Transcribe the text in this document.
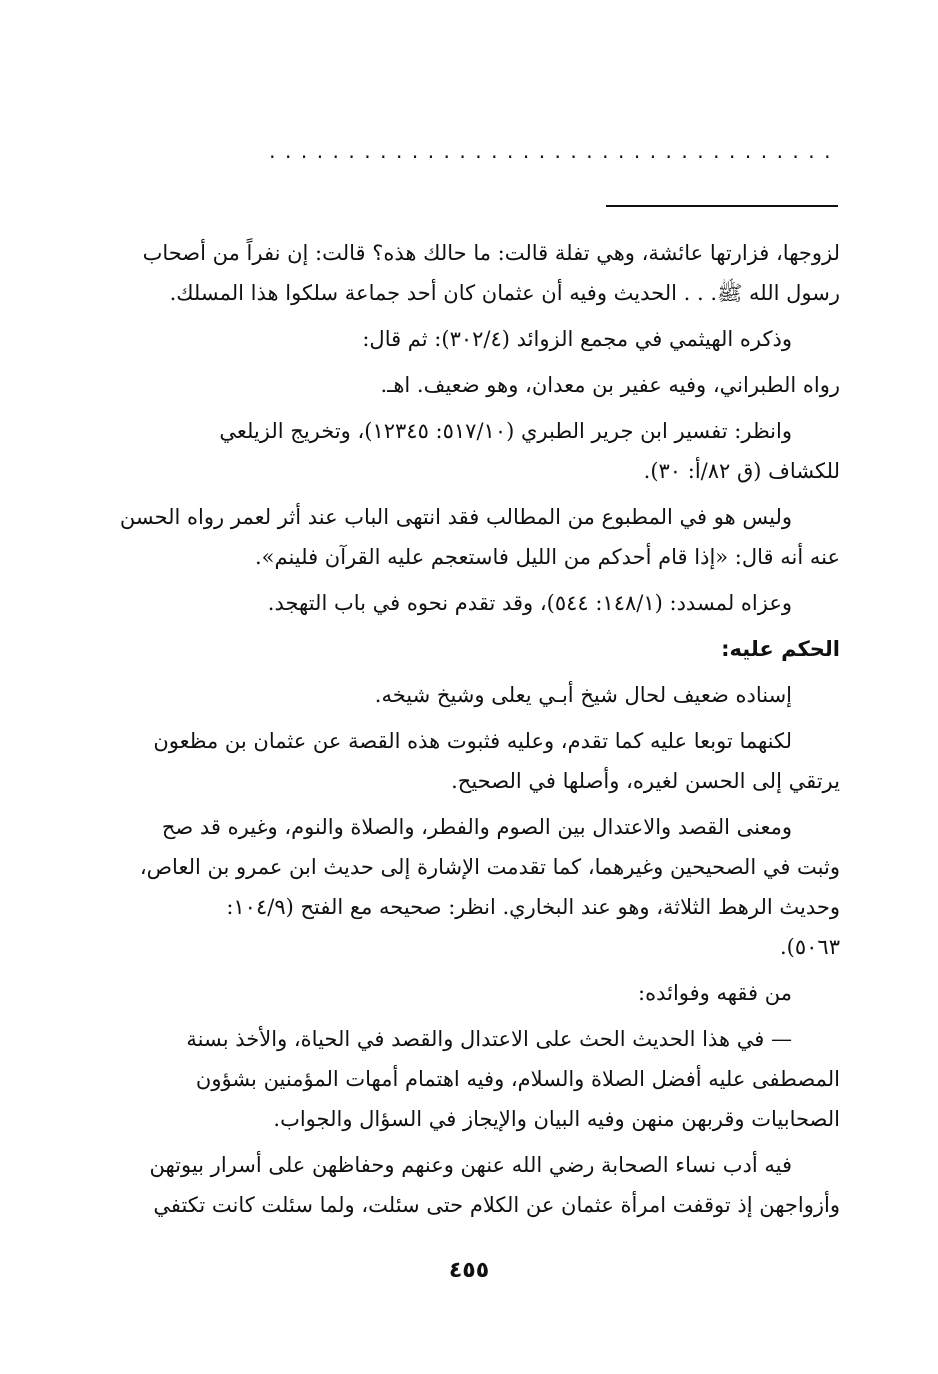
....................................

لزوجها، فزارتها عائشة، وهي تفلة قالت: ما حالك هذه؟ قالت: إن نفراً من أصحاب
رسول الله ﷺ. . . الحديث وفيه أن عثمان كان أحد جماعة سلكوا هذا المسلك.

وذكره الهيثمي في مجمع الزوائد (٣٠٢/٤): ثم قال:

رواه الطبراني، وفيه عفير بن معدان، وهو ضعيف. اهـ.

وانظر: تفسير ابن جرير الطبري (٥١٧/١٠: ١٢٣٤٥)، وتخريج الزيلعي
للكشاف (ق ٨٢/أ: ٣٠).

وليس هو في المطبوع من المطالب فقد انتهى الباب عند أثر لعمر رواه الحسن
عنه أنه قال: «إذا قام أحدكم من الليل فاستعجم عليه القرآن فلينم».

وعزاه لمسدد: (١٤٨/١: ٥٤٤)، وقد تقدم نحوه في باب التهجد.

الحكم عليه:

إسناده ضعيف لحال شيخ أبـي يعلى وشيخ شيخه.

لكنهما توبعا عليه كما تقدم، وعليه فثبوت هذه القصة عن عثمان بن مظعون
يرتقي إلى الحسن لغيره، وأصلها في الصحيح.

ومعنى القصد والاعتدال بين الصوم والفطر، والصلاة والنوم، وغيره قد صح
وثبت في الصحيحين وغيرهما، كما تقدمت الإشارة إلى حديث ابن عمرو بن العاص،
وحديث الرهط الثلاثة، وهو عند البخاري. انظر: صحيحه مع الفتح (١٠٤/٩:
٥٠٦٣).

من فقهه وفوائده:

— في هذا الحديث الحث على الاعتدال والقصد في الحياة، والأخذ بسنة
المصطفى عليه أفضل الصلاة والسلام، وفيه اهتمام أمهات المؤمنين بشؤون
الصحابيات وقربهن منهن وفيه البيان والإيجاز في السؤال والجواب.

فيه أدب نساء الصحابة رضي الله عنهن وعنهم وحفاظهن على أسرار بيوتهن
وأزواجهن إذ توقفت امرأة عثمان عن الكلام حتى سئلت، ولما سئلت كانت تكتفي

٤٥٥
